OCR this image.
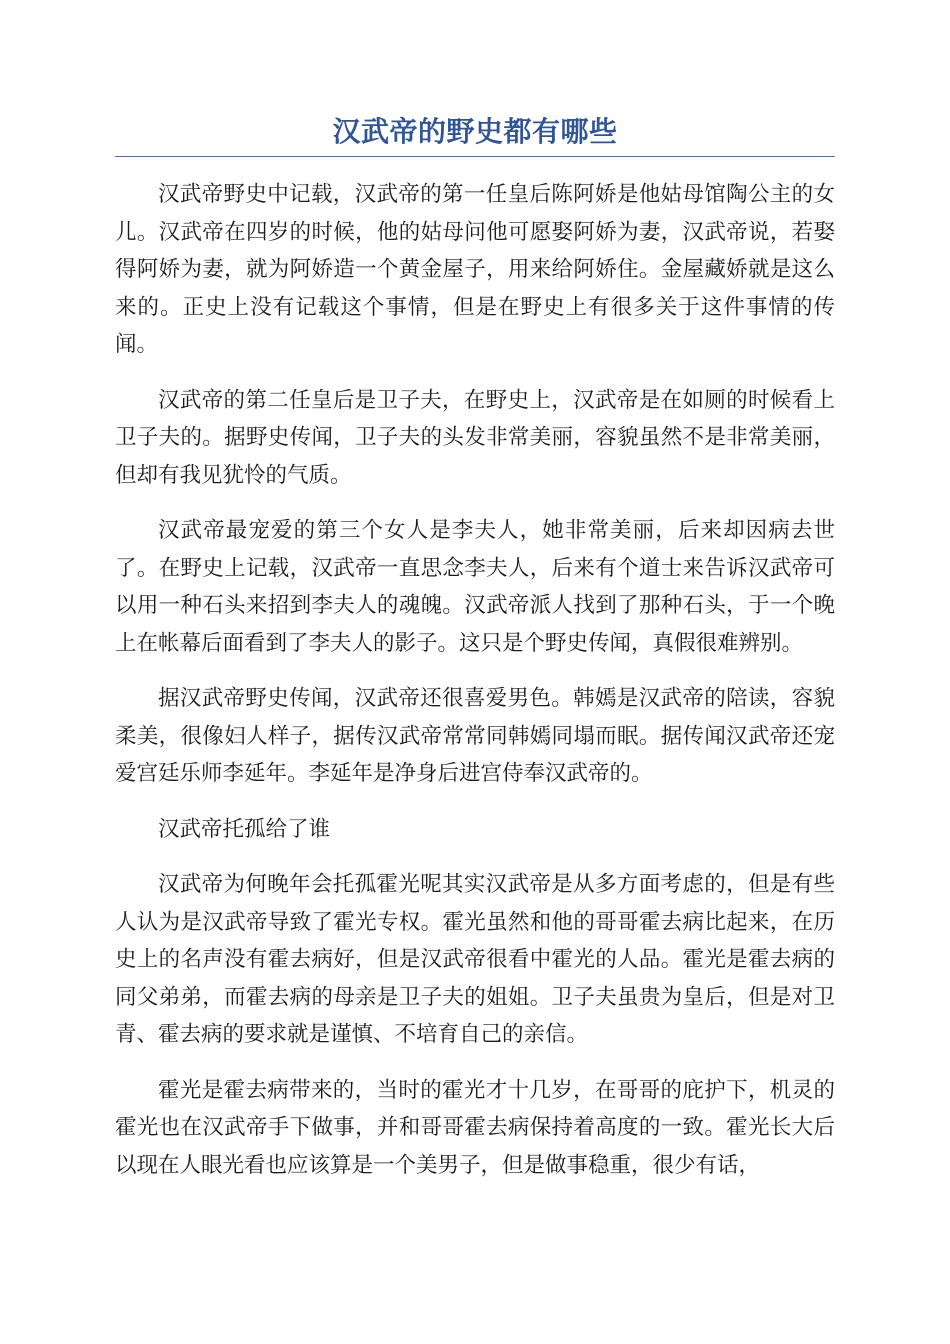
汉武帝的野史都有哪些

汉武帝野史中记载，汉武帝的第一任皇后陈阿娇是他姑母馆陶公主的女儿。汉武帝在四岁的时候，他的姑母问他可愿娶阿娇为妻，汉武帝说，若娶得阿娇为妻，就为阿娇造一个黄金屋子，用来给阿娇住。金屋藏娇就是这么来的。正史上没有记载这个事情，但是在野史上有很多关于这件事情的传闻。

汉武帝的第二任皇后是卫子夫，在野史上，汉武帝是在如厕的时候看上卫子夫的。据野史传闻，卫子夫的头发非常美丽，容貌虽然不是非常美丽，但却有我见犹怜的气质。

汉武帝最宠爱的第三个女人是李夫人，她非常美丽，后来却因病去世了。在野史上记载，汉武帝一直思念李夫人，后来有个道士来告诉汉武帝可以用一种石头来招到李夫人的魂魄。汉武帝派人找到了那种石头，于一个晚上在帐幕后面看到了李夫人的影子。这只是个野史传闻，真假很难辨别。

据汉武帝野史传闻，汉武帝还很喜爱男色。韩嫣是汉武帝的陪读，容貌柔美，很像妇人样子，据传汉武帝常常同韩嫣同塌而眠。据传闻汉武帝还宠爱宫廷乐师李延年。李延年是净身后进宫侍奉汉武帝的。

汉武帝托孤给了谁

汉武帝为何晚年会托孤霍光呢其实汉武帝是从多方面考虑的，但是有些人认为是汉武帝导致了霍光专权。霍光虽然和他的哥哥霍去病比起来，在历史上的名声没有霍去病好，但是汉武帝很看中霍光的人品。霍光是霍去病的同父弟弟，而霍去病的母亲是卫子夫的姐姐。卫子夫虽贵为皇后，但是对卫青、霍去病的要求就是谨慎、不培育自己的亲信。

霍光是霍去病带来的，当时的霍光才十几岁，在哥哥的庇护下，机灵的霍光也在汉武帝手下做事，并和哥哥霍去病保持着高度的一致。霍光长大后以现在人眼光看也应该算是一个美男子，但是做事稳重，很少有话，
